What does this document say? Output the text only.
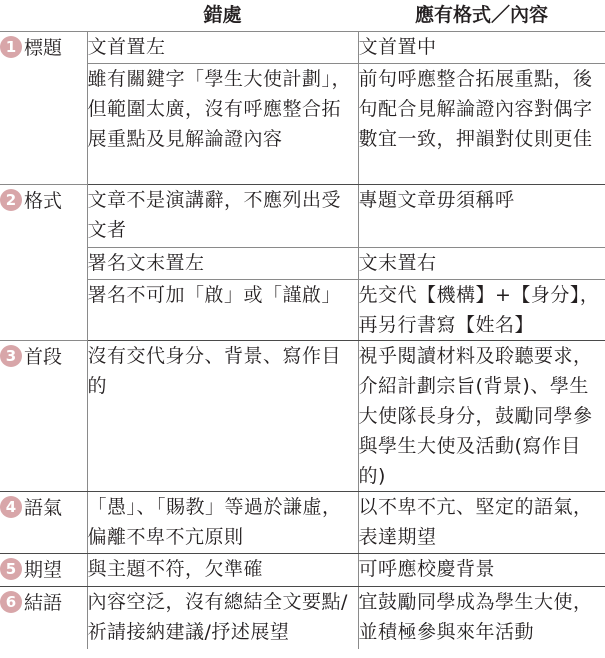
	錯處	應有格式／內容
1 標題	文首置左	文首置中
	雖有關鍵字「學生大使計劃」，但範圍太廣，沒有呼應整合拓展重點及見解論證內容	前句呼應整合拓展重點，後句配合見解論證內容對偶字數宜一致，押韻對仗則更佳
2 格式	文章不是演講辭，不應列出受文者	專題文章毋須稱呼
	署名文末置左	文末置右
	署名不可加「啟」或「謹啟」	先交代【機構】+【身分】，再另行書寫【姓名】
3 首段	沒有交代身分、背景、寫作目的	視乎閱讀材料及聆聽要求，介紹計劃宗旨(背景)、學生大使隊長身分，鼓勵同學參與學生大使及活動(寫作目的)
4 語氣	「愚」、「賜教」等過於謙虛，偏離不卑不亢原則	以不卑不亢、堅定的語氣，表達期望
5 期望	與主題不符，欠準確	可呼應校慶背景
6 結語	內容空泛，沒有總結全文要點/祈請接納建議/抒述展望	宜鼓勵同學成為學生大使，並積極參與來年活動
